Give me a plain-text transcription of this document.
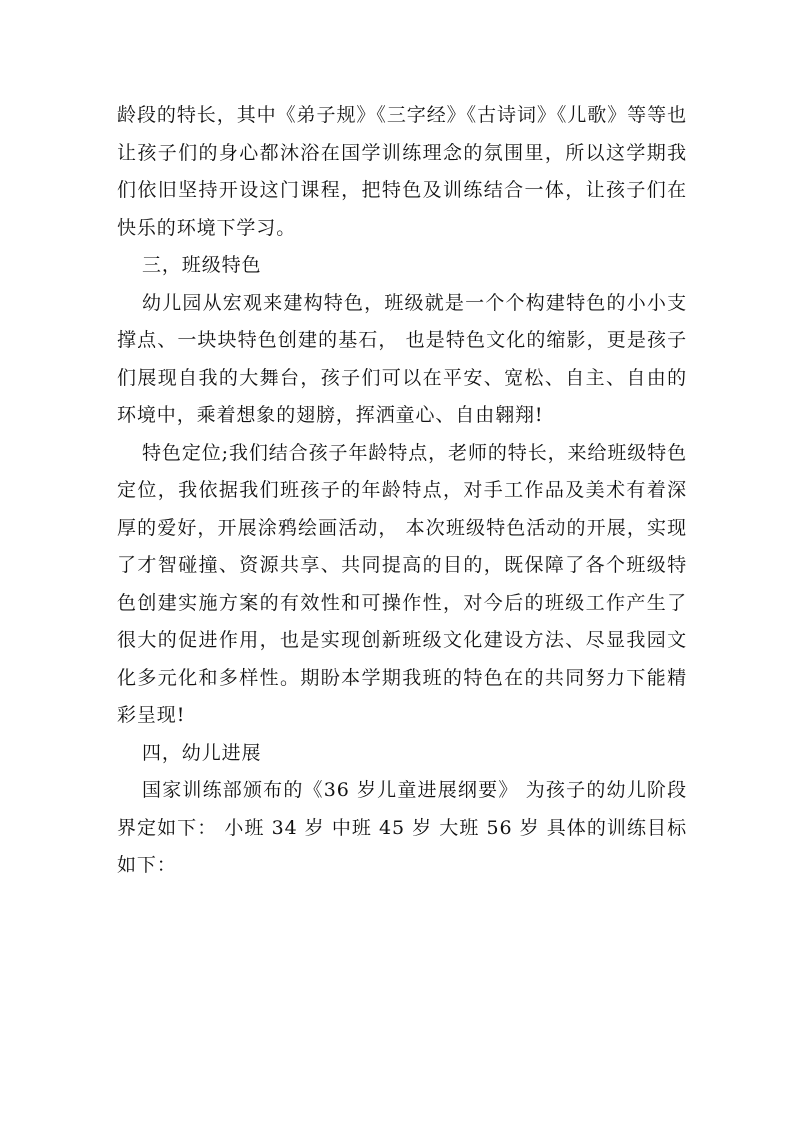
龄段的特长，其中《弟子规》《三字经》《古诗词》《儿歌》等等也让孩子们的身心都沐浴在国学训练理念的氛围里，所以这学期我们依旧坚持开设这门课程，把特色及训练结合一体，让孩子们在快乐的环境下学习。

三，班级特色

幼儿园从宏观来建构特色，班级就是一个个构建特色的小小支撑点、一块块特色创建的基石， 也是特色文化的缩影，更是孩子们展现自我的大舞台，孩子们可以在平安、宽松、自主、自由的环境中，乘着想象的翅膀，挥洒童心、自由翱翔!

特色定位;我们结合孩子年龄特点，老师的特长，来给班级特色定位，我依据我们班孩子的年龄特点，对手工作品及美术有着深厚的爱好，开展涂鸦绘画活动， 本次班级特色活动的开展，实现了才智碰撞、资源共享、共同提高的目的，既保障了各个班级特色创建实施方案的有效性和可操作性，对今后的班级工作产生了很大的促进作用，也是实现创新班级文化建设方法、尽显我园文化多元化和多样性。期盼本学期我班的特色在的共同努力下能精彩呈现!

四，幼儿进展

国家训练部颁布的《36 岁儿童进展纲要》 为孩子的幼儿阶段界定如下： 小班 34 岁 中班 45 岁 大班 56 岁 具体的训练目标如下：
